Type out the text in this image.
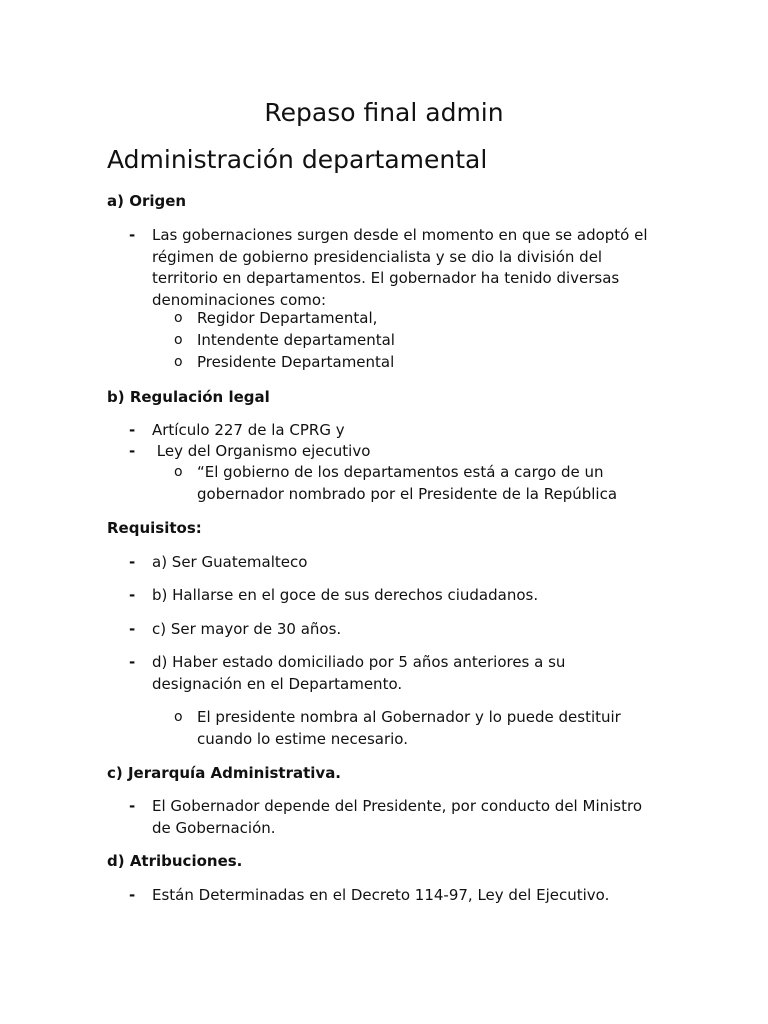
Repaso final admin
Administración departamental
a) Origen
- Las gobernaciones surgen desde el momento en que se adoptó el régimen de gobierno presidencialista y se dio la división del territorio en departamentos. El gobernador ha tenido diversas denominaciones como:
o Regidor Departamental,
o Intendente departamental
o Presidente Departamental
b) Regulación legal
- Artículo 227 de la CPRG y
- Ley del Organismo ejecutivo
o “El gobierno de los departamentos está a cargo de un gobernador nombrado por el Presidente de la República
Requisitos:
- a) Ser Guatemalteco
- b) Hallarse en el goce de sus derechos ciudadanos.
- c) Ser mayor de 30 años.
- d) Haber estado domiciliado por 5 años anteriores a su designación en el Departamento.
o El presidente nombra al Gobernador y lo puede destituir cuando lo estime necesario.
c) Jerarquía Administrativa.
- El Gobernador depende del Presidente, por conducto del Ministro de Gobernación.
d) Atribuciones.
- Están Determinadas en el Decreto 114-97, Ley del Ejecutivo.
